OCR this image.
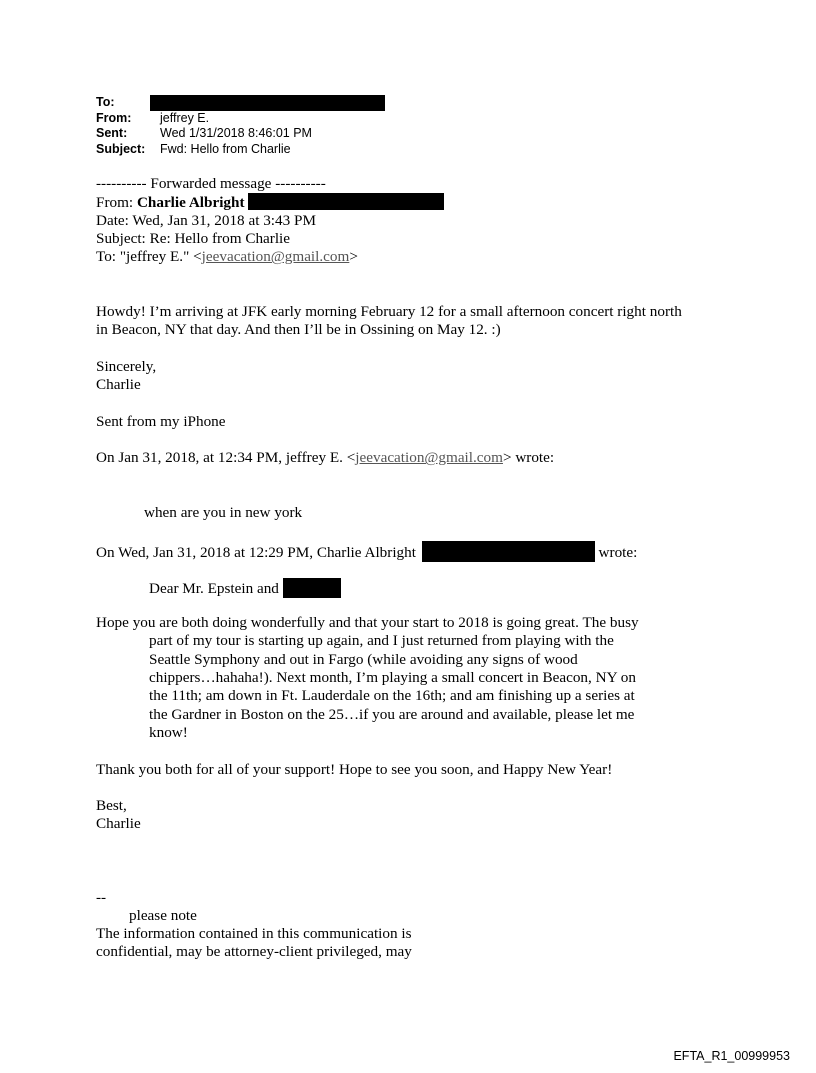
To:
From:	jeffrey E.
Sent:	Wed 1/31/2018 8:46:01 PM
Subject:	Fwd: Hello from Charlie
---------- Forwarded message ----------
From: Charlie Albright
Date: Wed, Jan 31, 2018 at 3:43 PM
Subject: Re: Hello from Charlie
To: "jeffrey E." <jeevacation@gmail.com>
Howdy! I’m arriving at JFK early morning February 12 for a small afternoon concert right north
in Beacon, NY that day. And then I’ll be in Ossining on May 12. :)
Sincerely,
Charlie
Sent from my iPhone
On Jan 31, 2018, at 12:34 PM, jeffrey E. <jeevacation@gmail.com> wrote:
when are you in new york
On Wed, Jan 31, 2018 at 12:29 PM, Charlie Albright	wrote:
Dear Mr. Epstein and
Hope you are both doing wonderfully and that your start to 2018 is going great. The busy
part of my tour is starting up again, and I just returned from playing with the
Seattle Symphony and out in Fargo (while avoiding any signs of wood
chippers…hahaha!). Next month, I’m playing a small concert in Beacon, NY on
the 11th; am down in Ft. Lauderdale on the 16th; and am finishing up a series at
the Gardner in Boston on the 25…if you are around and available, please let me
know!
Thank you both for all of your support! Hope to see you soon, and Happy New Year!
Best,
Charlie
--
please note
The information contained in this communication is
confidential, may be attorney-client privileged, may
EFTA_R1_00999953
